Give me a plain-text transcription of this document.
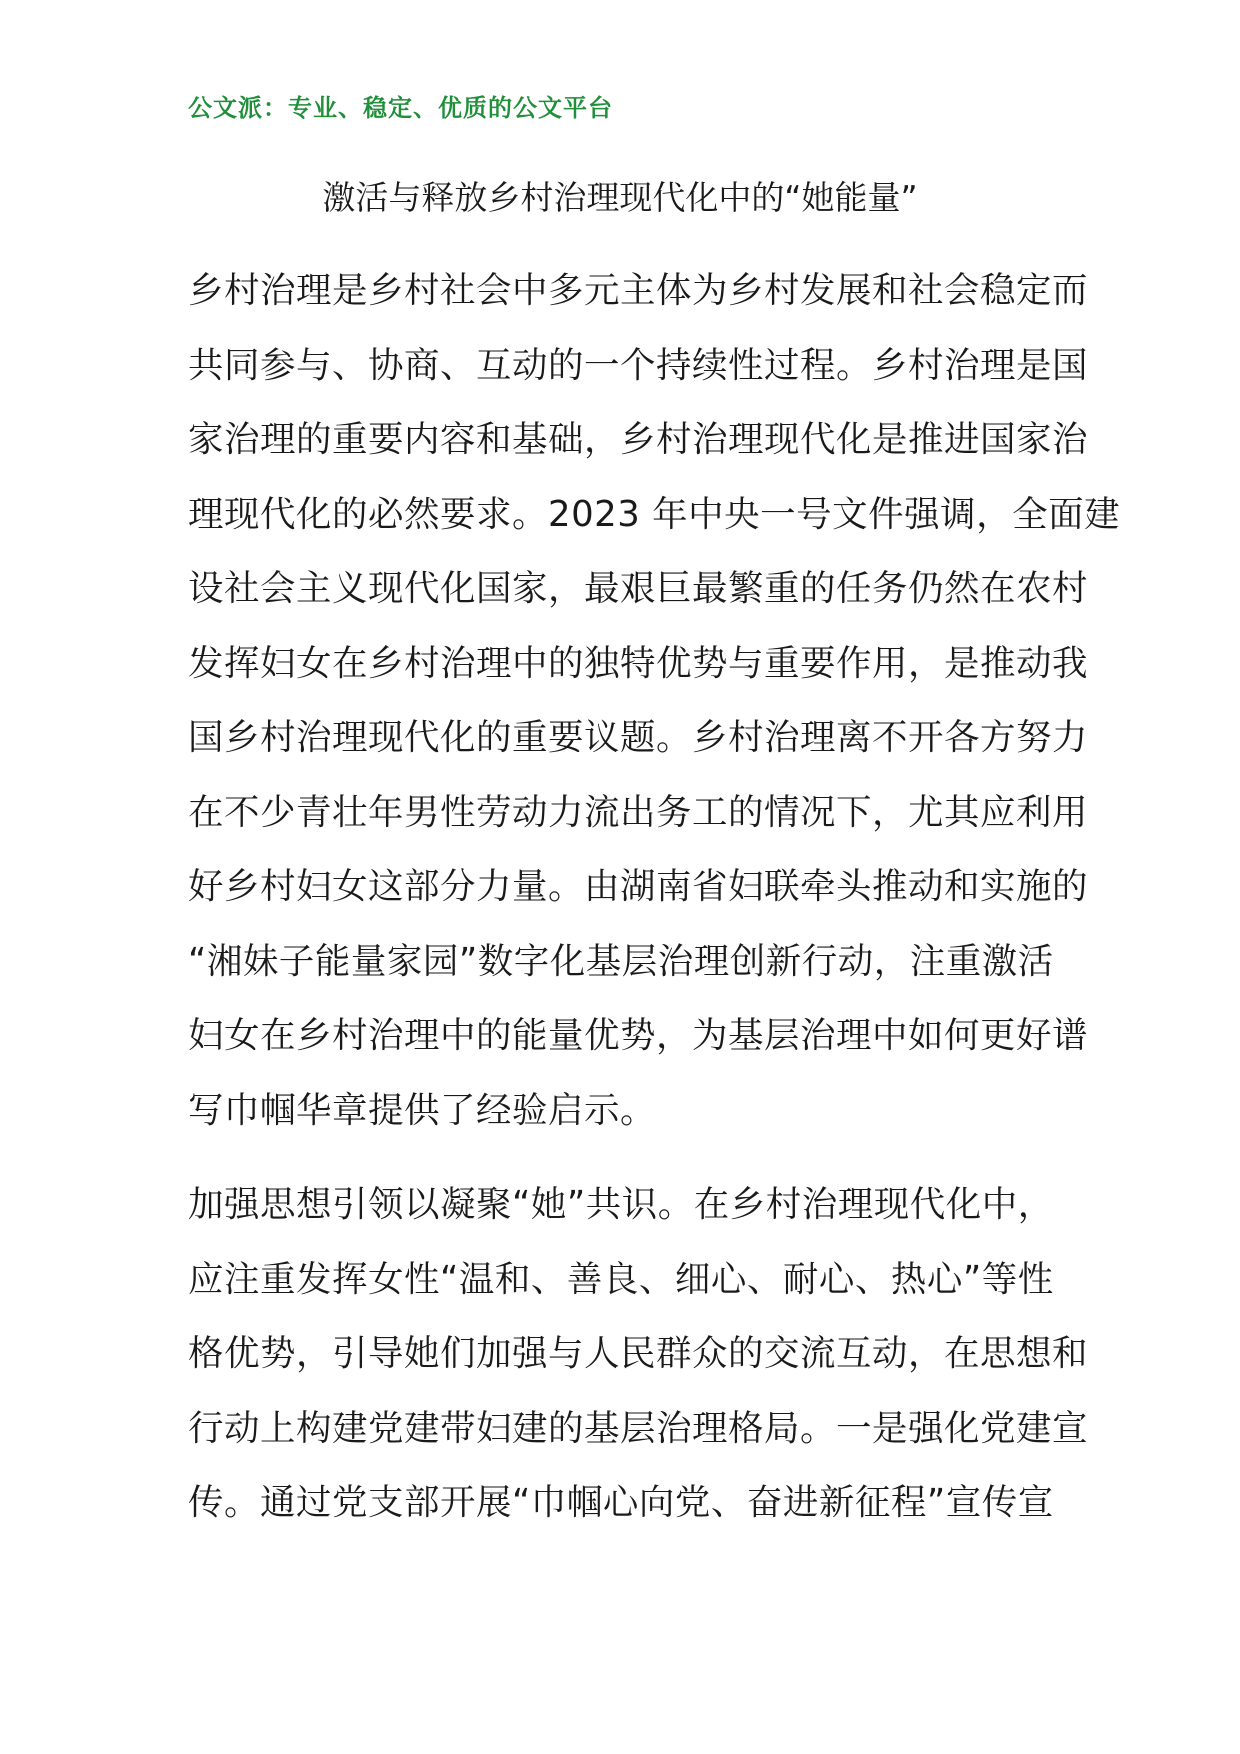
公文派：专业、稳定、优质的公文平台
激活与释放乡村治理现代化中的“她能量”
乡村治理是乡村社会中多元主体为乡村发展和社会稳定而
共同参与、协商、互动的一个持续性过程。乡村治理是国
家治理的重要内容和基础，乡村治理现代化是推进国家治
理现代化的必然要求。2023 年中央一号文件强调，全面建
设社会主义现代化国家，最艰巨最繁重的任务仍然在农村
发挥妇女在乡村治理中的独特优势与重要作用，是推动我
国乡村治理现代化的重要议题。乡村治理离不开各方努力
在不少青壮年男性劳动力流出务工的情况下，尤其应利用
好乡村妇女这部分力量。由湖南省妇联牵头推动和实施的
“湘妹子能量家园”数字化基层治理创新行动，注重激活
妇女在乡村治理中的能量优势，为基层治理中如何更好谱
写巾帼华章提供了经验启示。
加强思想引领以凝聚“她”共识。在乡村治理现代化中，
应注重发挥女性“温和、善良、细心、耐心、热心”等性
格优势，引导她们加强与人民群众的交流互动，在思想和
行动上构建党建带妇建的基层治理格局。一是强化党建宣
传。通过党支部开展“巾帼心向党、奋进新征程”宣传宣
